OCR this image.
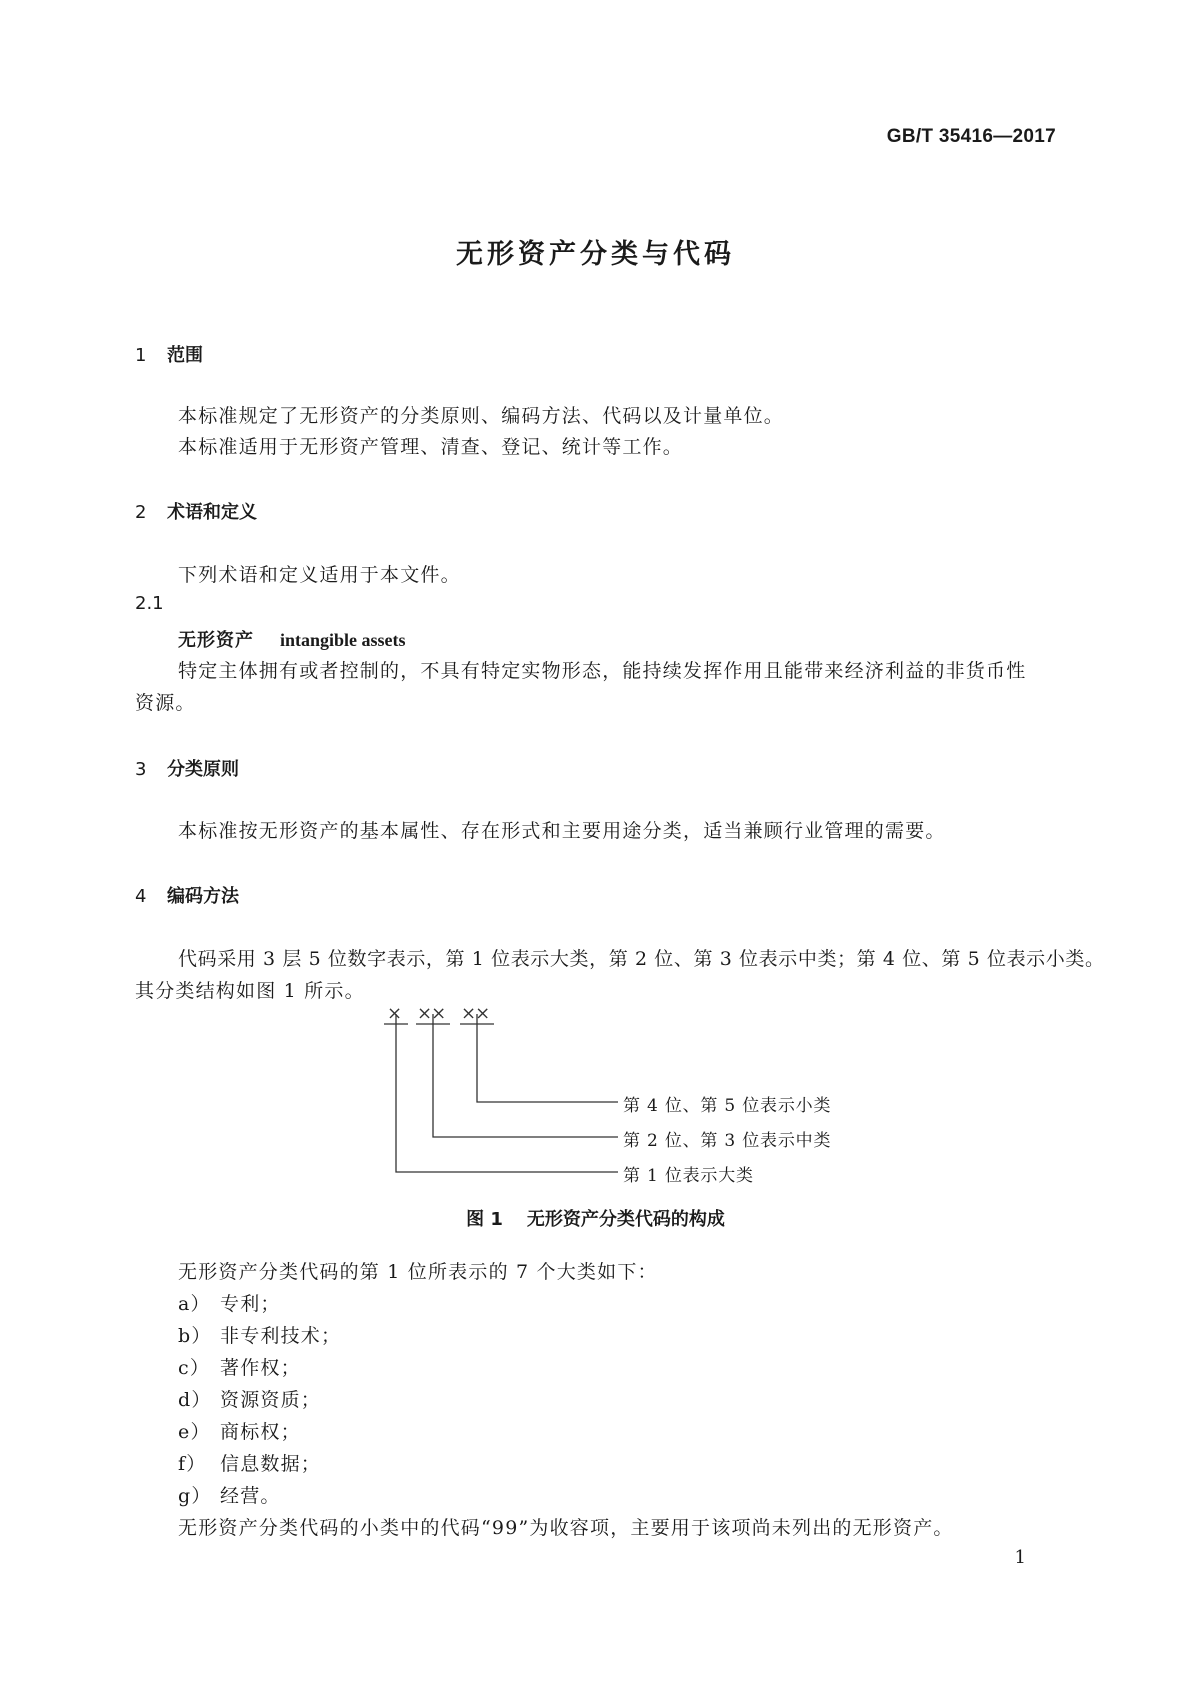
GB/T 35416—2017
无形资产分类与代码
1 范围
本标准规定了无形资产的分类原则、编码方法、代码以及计量单位。
本标准适用于无形资产管理、清查、登记、统计等工作。
2 术语和定义
下列术语和定义适用于本文件。
2.1
无形资产 intangible assets
特定主体拥有或者控制的，不具有特定实物形态，能持续发挥作用且能带来经济利益的非货币性
资源。
3 分类原则
本标准按无形资产的基本属性、存在形式和主要用途分类，适当兼顾行业管理的需要。
4 编码方法
代码采用 3 层 5 位数字表示，第 1 位表示大类，第 2 位、第 3 位表示中类；第 4 位、第 5 位表示小类。
其分类结构如图 1 所示。
× ×× ××
第 4 位、第 5 位表示小类
第 2 位、第 3 位表示中类
第 1 位表示大类
图 1 无形资产分类代码的构成
无形资产分类代码的第 1 位所表示的 7 个大类如下：
a） 专利；
b） 非专利技术；
c） 著作权；
d） 资源资质；
e） 商标权；
f） 信息数据；
g） 经营。
无形资产分类代码的小类中的代码“99”为收容项，主要用于该项尚未列出的无形资产。
1
